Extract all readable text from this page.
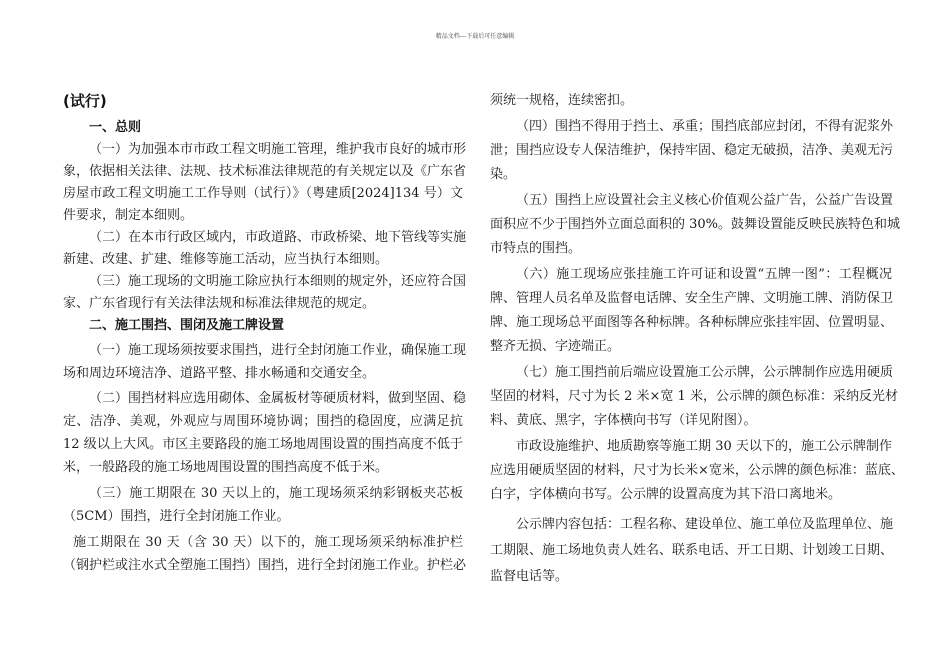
精品文档---下载后可任意编辑
(试行)
一、总则
（一）为加强本市市政工程文明施工管理，维护我市良好的城市形
象，依据相关法律、法规、技术标准法律规范的有关规定以及《广东省
房屋市政工程文明施工工作导则（试行）》（粤建质[2024]134 号）文
件要求，制定本细则。
（二）在本市行政区域内，市政道路、市政桥梁、地下管线等实施
新建、改建、扩建、维修等施工活动，应当执行本细则。
（三）施工现场的文明施工除应执行本细则的规定外，还应符合国
家、广东省现行有关法律法规和标准法律规范的规定。
二、施工围挡、围闭及施工牌设置
（一）施工现场须按要求围挡，进行全封闭施工作业，确保施工现
场和周边环境洁净、道路平整、排水畅通和交通安全。
（二）围挡材料应选用砌体、金属板材等硬质材料，做到坚固、稳
定、洁净、美观，外观应与周围环境协调；围挡的稳固度，应满足抗
12 级以上大风。市区主要路段的施工场地周围设置的围挡高度不低于
米，一般路段的施工场地周围设置的围挡高度不低于米。
（三）施工期限在 30 天以上的，施工现场须采纳彩钢板夹芯板
（5CM）围挡，进行全封闭施工作业。
施工期限在 30 天（含 30 天）以下的，施工现场须采纳标准护栏
（钢护栏或注水式全塑施工围挡）围挡，进行全封闭施工作业。护栏必
须统一规格，连续密扣。
（四）围挡不得用于挡土、承重；围挡底部应封闭，不得有泥浆外
泄；围挡应设专人保洁维护，保持牢固、稳定无破损，洁净、美观无污
染。
（五）围挡上应设置社会主义核心价值观公益广告，公益广告设置
面积应不少于围挡外立面总面积的 30%。鼓舞设置能反映民族特色和城
市特点的围挡。
（六）施工现场应张挂施工许可证和设置“五牌一图”：工程概况
牌、管理人员名单及监督电话牌、安全生产牌、文明施工牌、消防保卫
牌、施工现场总平面图等各种标牌。各种标牌应张挂牢固、位置明显、
整齐无损、字迹端正。
（七）施工围挡前后端应设置施工公示牌，公示牌制作应选用硬质
坚固的材料，尺寸为长 2 米×宽 1 米，公示牌的颜色标准：采纳反光材
料、黄底、黑字，字体横向书写（详见附图）。
市政设施维护、地质勘察等施工期 30 天以下的，施工公示牌制作
应选用硬质坚固的材料，尺寸为长米×宽米，公示牌的颜色标准：蓝底、
白字，字体横向书写。公示牌的设置高度为其下沿口离地米。
公示牌内容包括：工程名称、建设单位、施工单位及监理单位、施
工期限、施工场地负责人姓名、联系电话、开工日期、计划竣工日期、
监督电话等。
